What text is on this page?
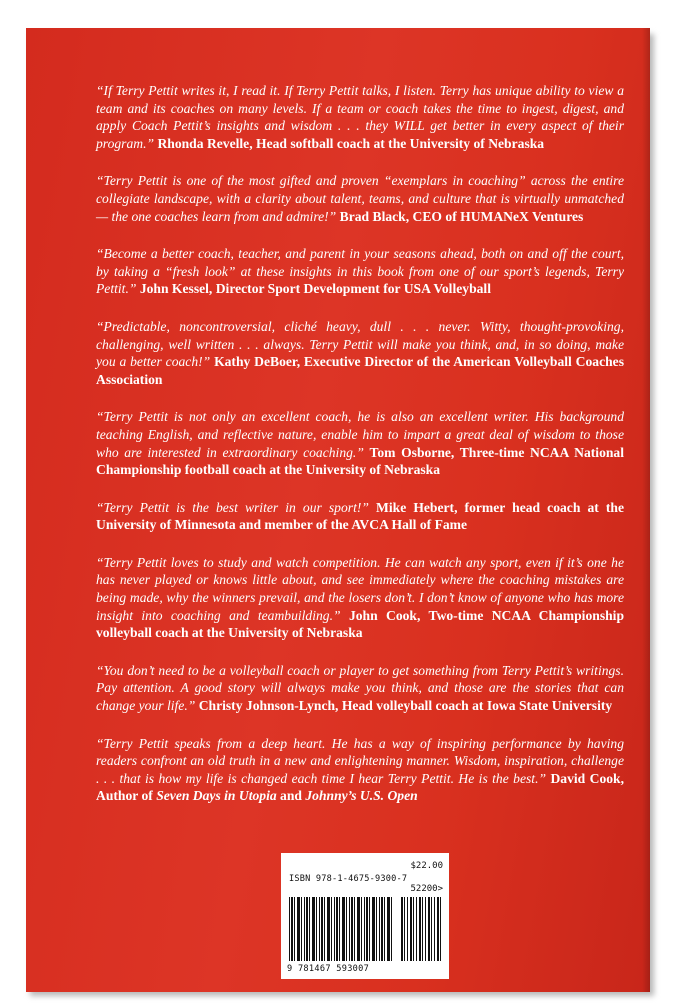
“If Terry Pettit writes it, I read it. If Terry Pettit talks, I listen. Terry has unique ability to view a team and its coaches on many levels. If a team or coach takes the time to ingest, digest, and apply Coach Pettit’s insights and wisdom . . . they WILL get better in every aspect of their program.” Rhonda Revelle, Head softball coach at the University of Nebraska

“Terry Pettit is one of the most gifted and proven “exemplars in coaching” across the entire collegiate landscape, with a clarity about talent, teams, and culture that is virtually unmatched — the one coaches learn from and admire!” Brad Black, CEO of HUMANeX Ventures

“Become a better coach, teacher, and parent in your seasons ahead, both on and off the court, by taking a “fresh look” at these insights in this book from one of our sport’s legends, Terry Pettit.” John Kessel, Director Sport Development for USA Volleyball

“Predictable, noncontroversial, cliché heavy, dull . . . never. Witty, thought-provoking, challenging, well written . . . always. Terry Pettit will make you think, and, in so doing, make you a better coach!” Kathy DeBoer, Executive Director of the American Volleyball Coaches Association

“Terry Pettit is not only an excellent coach, he is also an excellent writer. His background teaching English, and reflective nature, enable him to impart a great deal of wisdom to those who are interested in extraordinary coaching.” Tom Osborne, Three-time NCAA National Championship football coach at the University of Nebraska

“Terry Pettit is the best writer in our sport!” Mike Hebert, former head coach at the University of Minnesota and member of the AVCA Hall of Fame

“Terry Pettit loves to study and watch competition. He can watch any sport, even if it’s one he has never played or knows little about, and see immediately where the coaching mistakes are being made, why the winners prevail, and the losers don’t. I don’t know of anyone who has more insight into coaching and teambuilding.” John Cook, Two-time NCAA Championship volleyball coach at the University of Nebraska

“You don’t need to be a volleyball coach or player to get something from Terry Pettit’s writings. Pay attention. A good story will always make you think, and those are the stories that can change your life.” Christy Johnson-Lynch, Head volleyball coach at Iowa State University

“Terry Pettit speaks from a deep heart. He has a way of inspiring performance by having readers confront an old truth in a new and enlightening manner. Wisdom, inspiration, challenge . . . that is how my life is changed each time I hear Terry Pettit. He is the best.” David Cook, Author of Seven Days in Utopia and Johnny’s U.S. Open

$22.00
ISBN 978-1-4675-9300-7
52200>
9 781467 593007
